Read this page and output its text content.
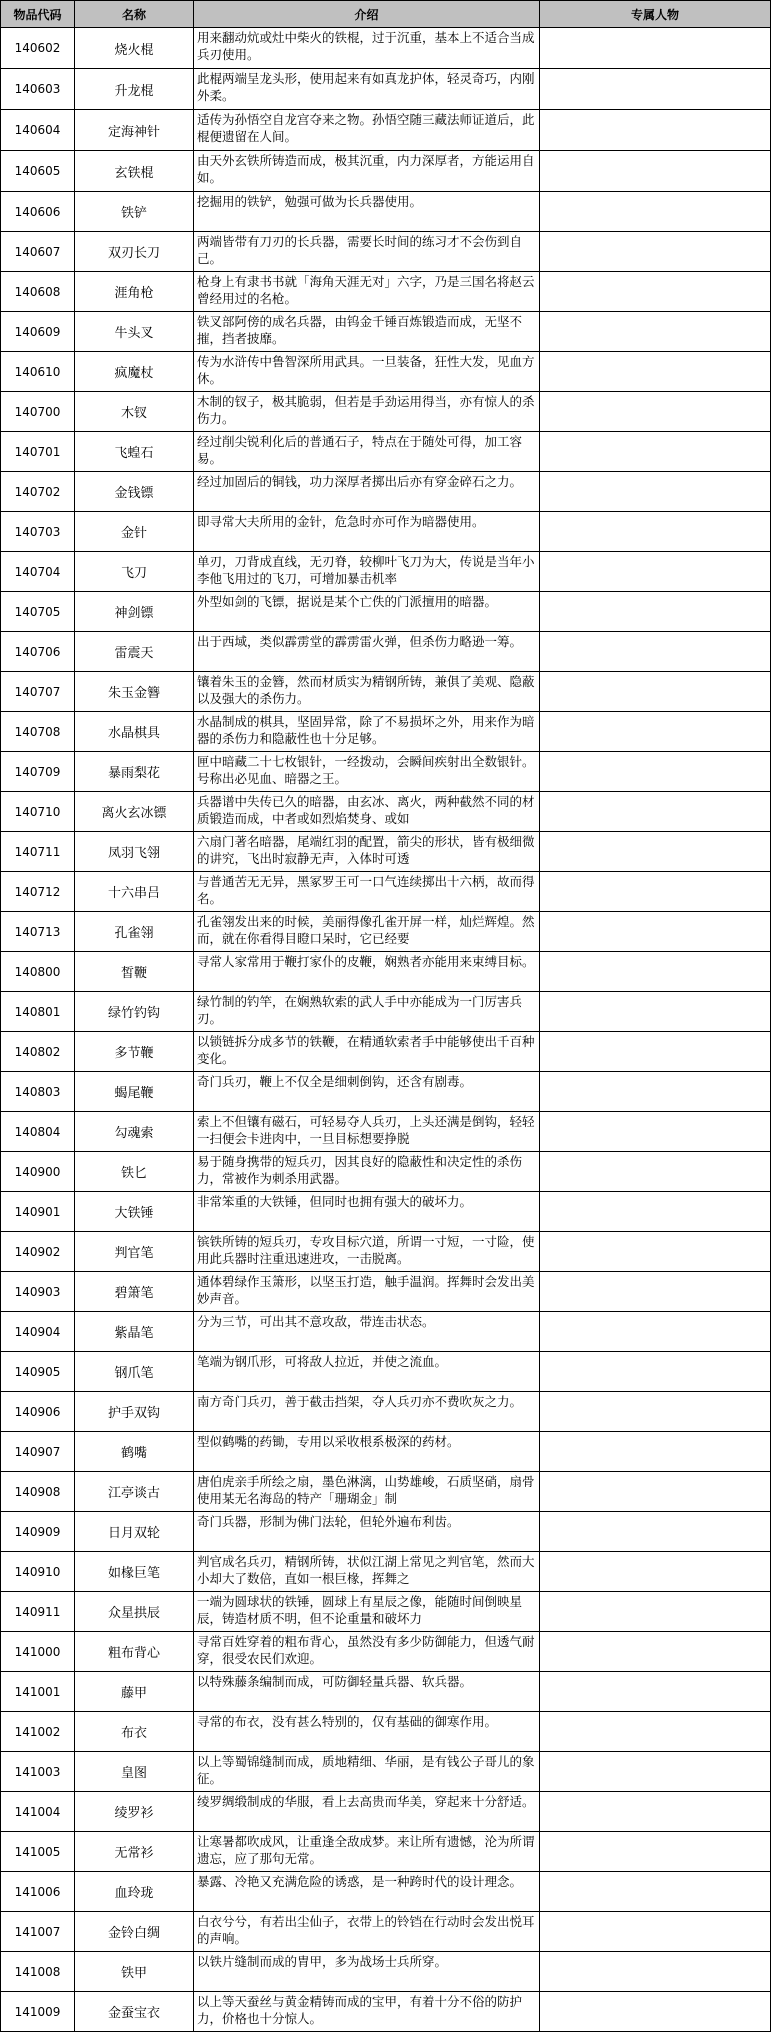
物品代码	名称	介绍	专属人物
140602	烧火棍	用来翻动炕或灶中柴火的铁棍，过于沉重，基本上不适合当成兵刃使用。	

140603	升龙棍	此棍两端呈龙头形，使用起来有如真龙护体，轻灵奇巧，内刚外柔。	

140604	定海神针	适传为孙悟空自龙宫夺来之物。孙悟空随三藏法师证道后，此棍便遗留在人间。	

140605	玄铁棍	由天外玄铁所铸造而成，极其沉重，内力深厚者，方能运用自如。	

140606	铁铲	挖掘用的铁铲，勉强可做为长兵器使用。	

140607	双刃长刀	两端皆带有刀刃的长兵器，需要长时间的练习才不会伤到自己。	

140608	涯角枪	枪身上有隶书书就「海角天涯无对」六字，乃是三国名将赵云曾经用过的名枪。	

140609	牛头叉	铁叉部阿傍的成名兵器，由钨金千锤百炼锻造而成，无坚不摧，挡者披靡。	

140610	疯魔杖	传为水浒传中鲁智深所用武具。一旦装备，狂性大发，见血方休。	

140700	木钗	木制的钗子，极其脆弱，但若是手劲运用得当，亦有惊人的杀伤力。	

140701	飞蝗石	经过削尖锐利化后的普通石子，特点在于随处可得，加工容易。	

140702	金钱镖	经过加固后的铜钱，功力深厚者掷出后亦有穿金碎石之力。	

140703	金针	即寻常大夫所用的金针，危急时亦可作为暗器使用。	

140704	飞刀	单刃，刀背成直线，无刃脊，较柳叶飞刀为大，传说是当年小李他飞用过的飞刀，可增加暴击机率	

140705	神剑镖	外型如剑的飞镖，据说是某个亡佚的门派擅用的暗器。	

140706	雷震天	出于西域，类似霹雳堂的霹雳雷火弹，但杀伤力略逊一筹。	

140707	朱玉金簪	镶着朱玉的金簪，然而材质实为精钢所铸，兼俱了美观、隐蔽以及强大的杀伤力。	

140708	水晶棋具	水晶制成的棋具，坚固异常，除了不易损坏之外，用来作为暗器的杀伤力和隐蔽性也十分足够。	

140709	暴雨梨花	匣中暗藏二十七枚银针，一经拨动，会瞬间疾射出全数银针。号称出必见血、暗器之王。	

140710	离火玄冰镖	兵器谱中失传已久的暗器，由玄冰、离火，两种截然不同的材质锻造而成，中者或如烈焰焚身、或如	

140711	凤羽飞翎	六扇门著名暗器，尾端红羽的配置，箭尖的形状，皆有极细微的讲究，飞出时寂静无声，入体时可透	

140712	十六串吕	与普通苦无无异，黑冢罗王可一口气连续掷出十六柄，故而得名。	

140713	孔雀翎	孔雀翎发出来的时候，美丽得像孔雀开屏一样，灿烂辉煌。然而，就在你看得目瞪口呆时，它已经要	

140800	皙鞭	寻常人家常用于鞭打家仆的皮鞭，娴熟者亦能用来束缚目标。	

140801	绿竹钓钩	绿竹制的钓竿，在娴熟软索的武人手中亦能成为一门厉害兵刃。	

140802	多节鞭	以锁链拆分成多节的铁鞭，在精通软索者手中能够使出千百种变化。	

140803	蝎尾鞭	奇门兵刃，鞭上不仅全是细刺倒钩，还含有剧毒。	

140804	勾魂索	索上不但镶有磁石，可轻易夺人兵刃，上头还满是倒钩，轻轻一扫便会卡进肉中，一旦目标想要挣脱	

140900	铁匕	易于随身携带的短兵刃，因其良好的隐蔽性和决定性的杀伤力，常被作为刺杀用武器。	

140901	大铁锤	非常笨重的大铁锤，但同时也拥有强大的破坏力。	

140902	判官笔	镔铁所铸的短兵刃，专攻目标穴道，所谓一寸短，一寸险，使用此兵器时注重迅速进攻，一击脱离。	

140903	碧箫笔	通体碧绿作玉箫形，以坚玉打造，触手温润。挥舞时会发出美妙声音。	

140904	紫晶笔	分为三节，可出其不意攻敌，带连击状态。	

140905	钢爪笔	笔端为钢爪形，可将敌人拉近，并使之流血。	

140906	护手双钩	南方奇门兵刃，善于截击挡架，夺人兵刃亦不费吹灰之力。	

140907	鹤嘴	型似鹤嘴的药锄，专用以采收根系极深的药材。	

140908	江亭谈古	唐伯虎亲手所绘之扇，墨色淋漓，山势雄峻，石质坚硝，扇骨使用某无名海岛的特产「珊瑚金」制	

140909	日月双轮	奇门兵器，形制为佛门法轮，但轮外遍布利齿。	

140910	如椽巨笔	判官成名兵刃，精钢所铸，状似江湖上常见之判官笔，然而大小却大了数倍，直如一根巨椽，挥舞之	

140911	众星拱辰	一端为圆球状的铁锤，圆球上有星辰之像，能随时间倒映星辰，铸造材质不明，但不论重量和破坏力	

141000	粗布背心	寻常百姓穿着的粗布背心，虽然没有多少防御能力，但透气耐穿，很受农民们欢迎。	

141001	藤甲	以特殊藤条编制而成，可防御轻量兵器、软兵器。	

141002	布衣	寻常的布衣，没有甚么特别的，仅有基础的御寒作用。	

141003	皇图	以上等蜀锦缝制而成，质地精细、华丽，是有钱公子哥儿的象征。	

141004	绫罗衫	绫罗绸缎制成的华服，看上去高贵而华美，穿起来十分舒适。	

141005	无常衫	让寒暑都吹成风，让重逢全敌成梦。来让所有遗憾，沦为所谓遗忘，应了那句无常。	

141006	血玲珑	暴露、冷艳又充满危险的诱惑，是一种跨时代的设计理念。	

141007	金铃白绸	白衣兮兮，有若出尘仙子，衣带上的铃铛在行动时会发出悦耳的声响。	

141008	铁甲	以铁片缝制而成的胄甲，多为战场士兵所穿。	

141009	金蚕宝衣	以上等天蚕丝与黄金精铸而成的宝甲，有着十分不俗的防护力，价格也十分惊人。	
